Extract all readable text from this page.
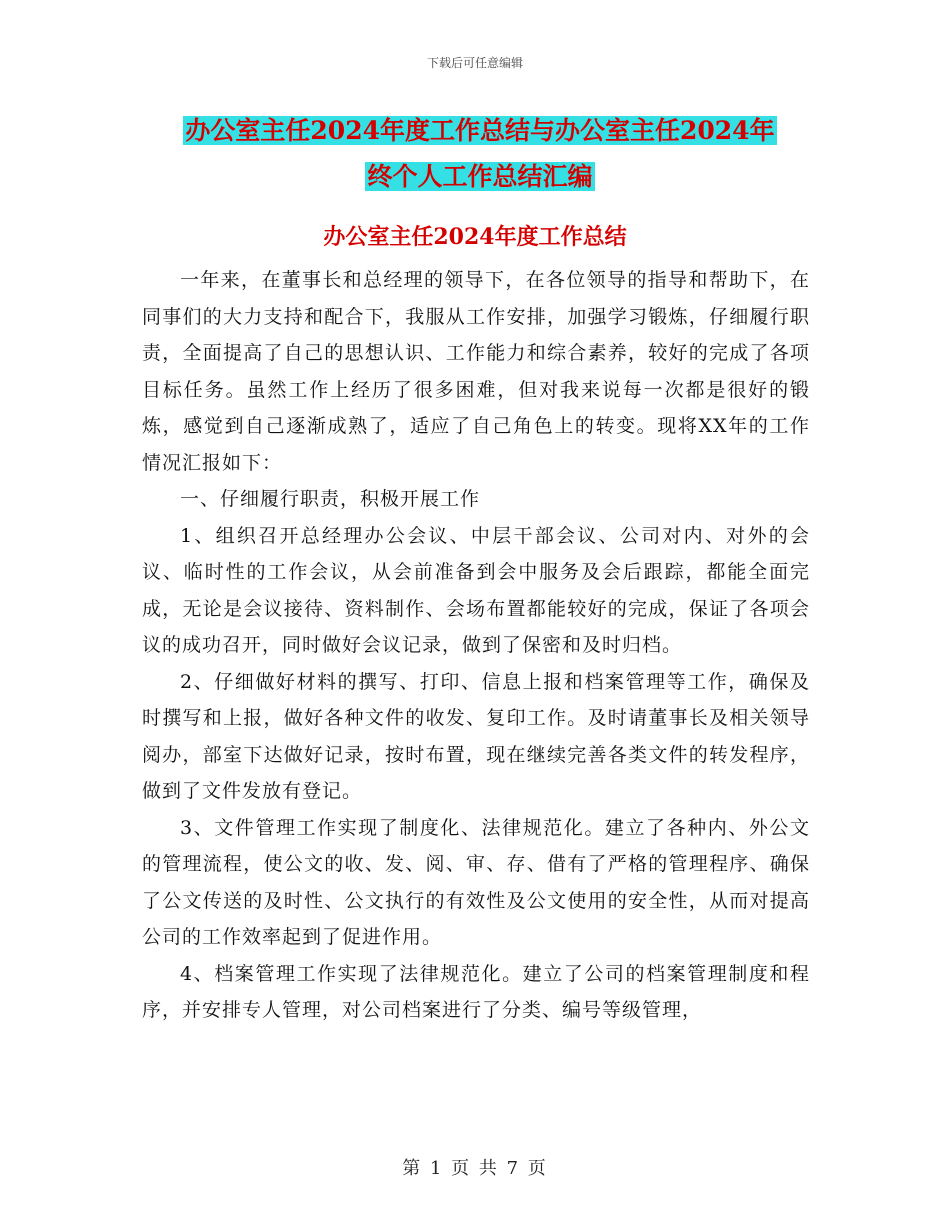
下载后可任意编辑
办公室主任2024年度工作总结与办公室主任2024年
终个人工作总结汇编
办公室主任2024年度工作总结

一年来，在董事长和总经理的领导下，在各位领导的指导和帮助下，在同事们的大力支持和配合下，我服从工作安排，加强学习锻炼，仔细履行职责，全面提高了自己的思想认识、工作能力和综合素养，较好的完成了各项目标任务。虽然工作上经历了很多困难，但对我来说每一次都是很好的锻炼，感觉到自己逐渐成熟了，适应了自己角色上的转变。现将XX年的工作情况汇报如下：

一、仔细履行职责，积极开展工作

1、组织召开总经理办公会议、中层干部会议、公司对内、对外的会议、临时性的工作会议，从会前准备到会中服务及会后跟踪，都能全面完成，无论是会议接待、资料制作、会场布置都能较好的完成，保证了各项会议的成功召开，同时做好会议记录，做到了保密和及时归档。

2、仔细做好材料的撰写、打印、信息上报和档案管理等工作，确保及时撰写和上报，做好各种文件的收发、复印工作。及时请董事长及相关领导阅办，部室下达做好记录，按时布置，现在继续完善各类文件的转发程序，做到了文件发放有登记。

3、文件管理工作实现了制度化、法律规范化。建立了各种内、外公文的管理流程，使公文的收、发、阅、审、存、借有了严格的管理程序、确保了公文传送的及时性、公文执行的有效性及公文使用的安全性，从而对提高公司的工作效率起到了促进作用。

4、档案管理工作实现了法律规范化。建立了公司的档案管理制度和程序，并安排专人管理，对公司档案进行了分类、编号等级管理，

第 1 页 共 7 页
